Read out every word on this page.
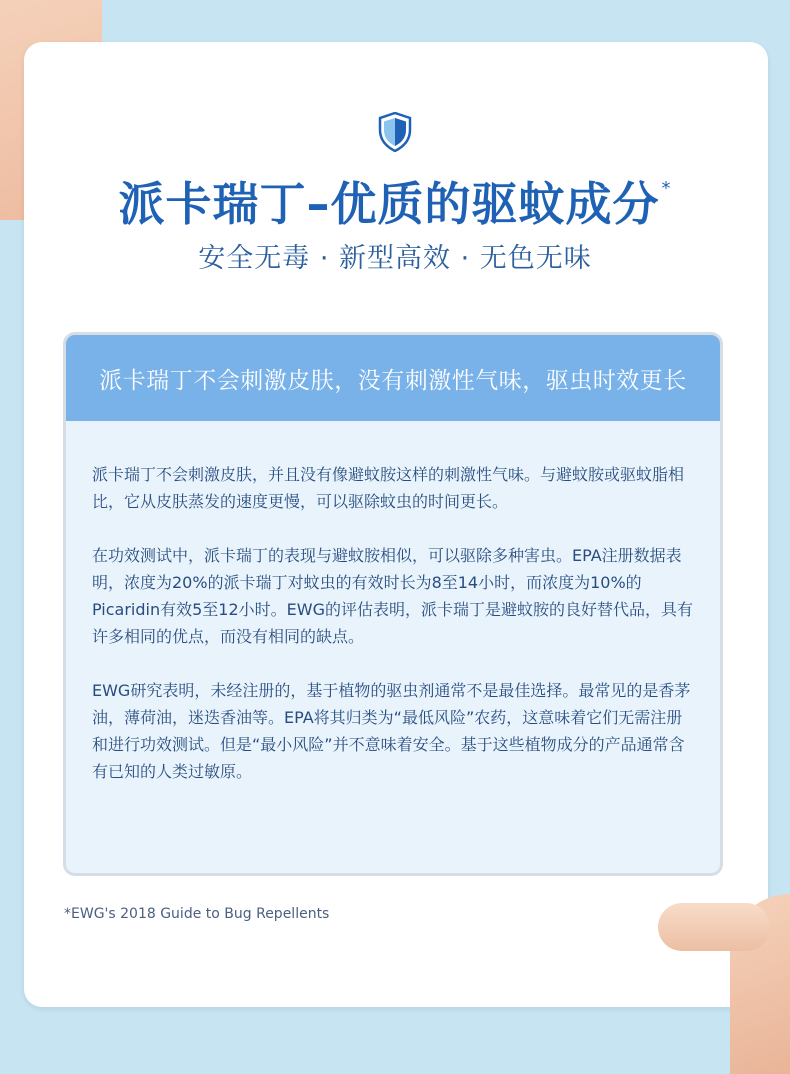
派卡瑞丁–优质的驱蚊成分 *
安全无毒 · 新型高效 · 无色无味
派卡瑞丁不会刺激皮肤，没有刺激性气味，驱虫时效更长

派卡瑞丁不会刺激皮肤，并且没有像避蚊胺这样的刺激性气味。与避蚊胺或驱蚊脂相比，它从皮肤蒸发的速度更慢，可以驱除蚊虫的时间更长。

在功效测试中，派卡瑞丁的表现与避蚊胺相似，可以驱除多种害虫。EPA注册数据表明，浓度为20%的派卡瑞丁对蚊虫的有效时长为8至14小时，而浓度为10%的Picaridin有效5至12小时。EWG的评估表明，派卡瑞丁是避蚊胺的良好替代品，具有许多相同的优点，而没有相同的缺点。

EWG研究表明，未经注册的，基于植物的驱虫剂通常不是最佳选择。最常见的是香茅油，薄荷油，迷迭香油等。EPA将其归类为“最低风险”农药，这意味着它们无需注册和进行功效测试。但是“最小风险”并不意味着安全。基于这些植物成分的产品通常含有已知的人类过敏原。

*EWG's 2018 Guide to Bug Repellents
